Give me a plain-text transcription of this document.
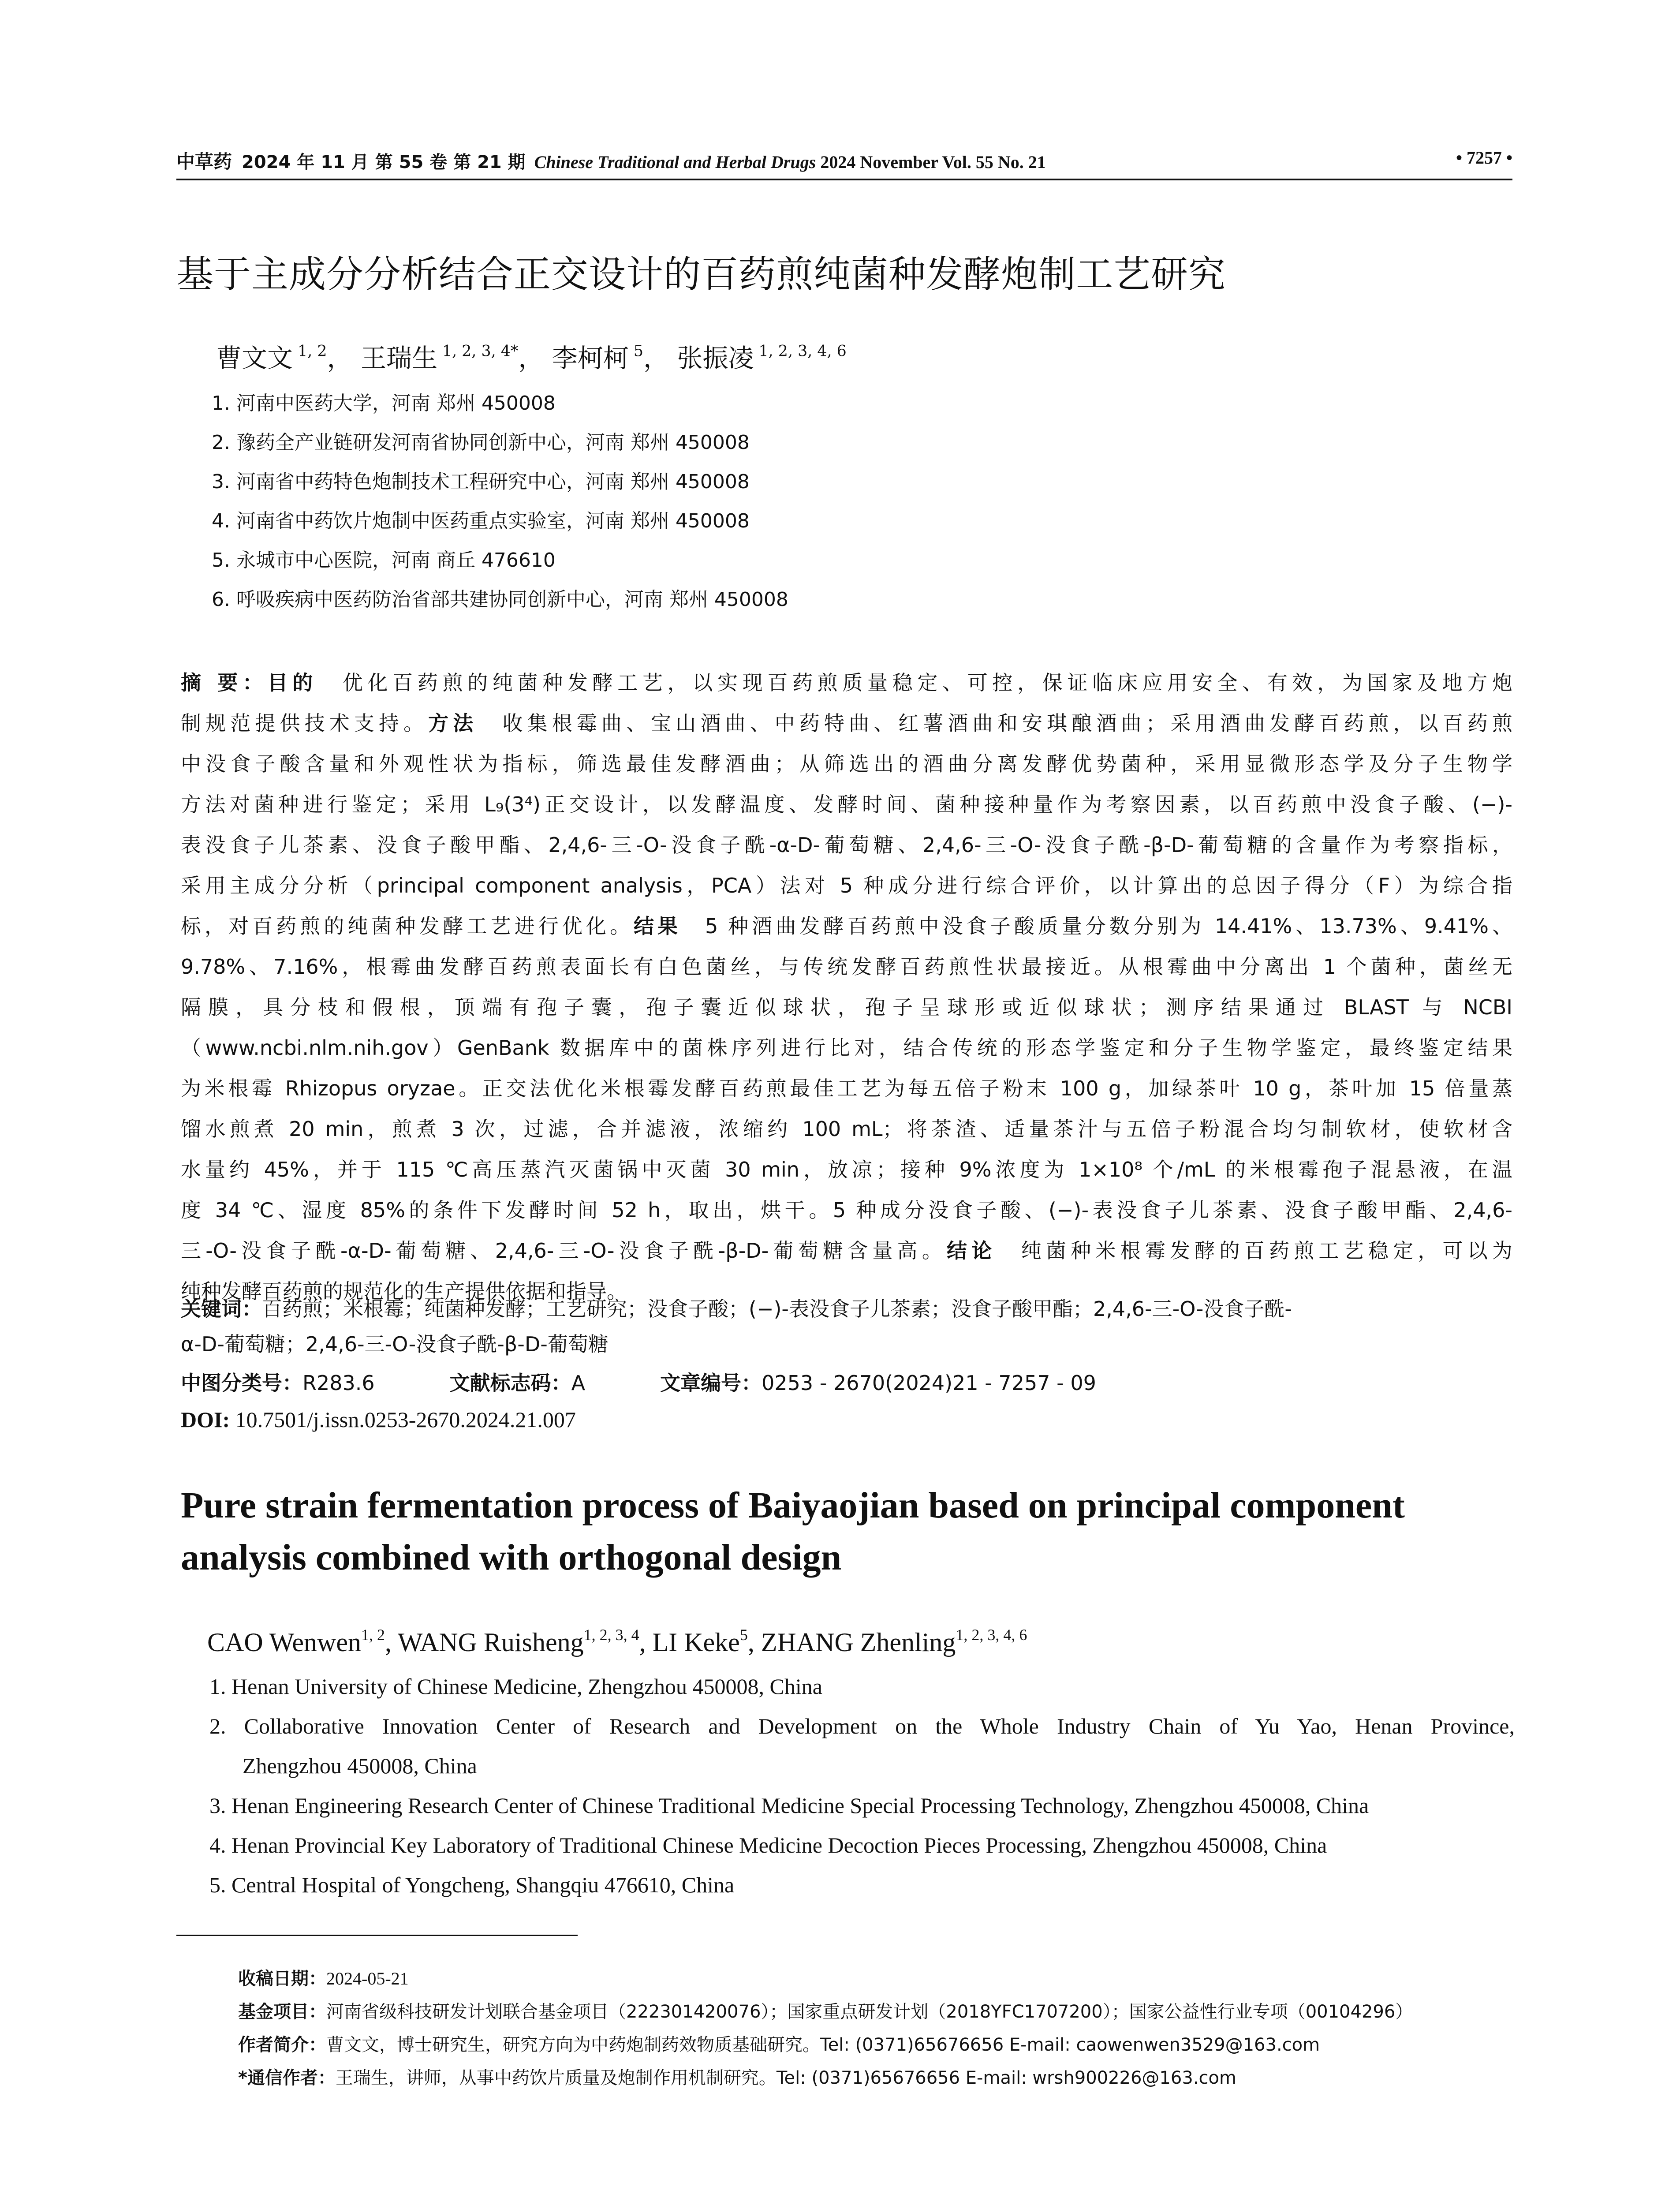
中草药 2024 年 11 月 第 55 卷 第 21 期 Chinese Traditional and Herbal Drugs 2024 November Vol. 55 No. 21	• 7257 •
基于主成分分析结合正交设计的百药煎纯菌种发酵炮制工艺研究
曹文文 $^{1, 2}$， 王瑞生 $^{1, 2, 3, 4*}$， 李柯柯 $^5$， 张振凌 $^{1, 2, 3, 4, 6}$
1. 河南中医药大学，河南 郑州 450008
2. 豫药全产业链研发河南省协同创新中心，河南 郑州 450008
3. 河南省中药特色炮制技术工程研究中心，河南 郑州 450008
4. 河南省中药饮片炮制中医药重点实验室，河南 郑州 450008
5. 永城市中心医院，河南 商丘 476610
6. 呼吸疾病中医药防治省部共建协同创新中心，河南 郑州 450008
摘 要：目的　优化百药煎的纯菌种发酵工艺，以实现百药煎质量稳定、可控，保证临床应用安全、有效，为国家及地方炮
制规范提供技术支持。方法　收集根霉曲、宝山酒曲、中药特曲、红薯酒曲和安琪酿酒曲；采用酒曲发酵百药煎，以百药煎
中没食子酸含量和外观性状为指标，筛选最佳发酵酒曲；从筛选出的酒曲分离发酵优势菌种，采用显微形态学及分子生物学
方法对菌种进行鉴定；采用 L₉(3⁴)正交设计，以发酵温度、发酵时间、菌种接种量作为考察因素，以百药煎中没食子酸、(−)-
表没食子儿茶素、没食子酸甲酯、2,4,6-三-O-没食子酰-α-D-葡萄糖、2,4,6-三-O-没食子酰-β-D-葡萄糖的含量作为考察指标，
采用主成分分析（principal component analysis，PCA）法对 5 种成分进行综合评价，以计算出的总因子得分（F）为综合指
标，对百药煎的纯菌种发酵工艺进行优化。结果　5 种酒曲发酵百药煎中没食子酸质量分数分别为 14.41%、13.73%、9.41%、
9.78%、7.16%，根霉曲发酵百药煎表面长有白色菌丝，与传统发酵百药煎性状最接近。从根霉曲中分离出 1 个菌种，菌丝无
隔膜，具分枝和假根，顶端有孢子囊，孢子囊近似球状，孢子呈球形或近似球状；测序结果通过 BLAST 与 NCBI
（www.ncbi.nlm.nih.gov）GenBank 数据库中的菌株序列进行比对，结合传统的形态学鉴定和分子生物学鉴定，最终鉴定结果
为米根霉 Rhizopus oryzae。正交法优化米根霉发酵百药煎最佳工艺为每五倍子粉末 100 g，加绿茶叶 10 g，茶叶加 15 倍量蒸
馏水煎煮 20 min，煎煮 3 次，过滤，合并滤液，浓缩约 100 mL；将茶渣、适量茶汁与五倍子粉混合均匀制软材，使软材含
水量约 45%，并于 115 ℃高压蒸汽灭菌锅中灭菌 30 min，放凉；接种 9%浓度为 1×10⁸ 个/mL 的米根霉孢子混悬液，在温
度 34 ℃、湿度 85%的条件下发酵时间 52 h，取出，烘干。5 种成分没食子酸、(−)-表没食子儿茶素、没食子酸甲酯、2,4,6-
三-O-没食子酰-α-D-葡萄糖、2,4,6-三-O-没食子酰-β-D-葡萄糖含量高。结论　纯菌种米根霉发酵的百药煎工艺稳定，可以为
纯种发酵百药煎的规范化的生产提供依据和指导。
关键词：百药煎；米根霉；纯菌种发酵；工艺研究；没食子酸；(−)-表没食子儿茶素；没食子酸甲酯；2,4,6-三-O-没食子酰-
α-D-葡萄糖；2,4,6-三-O-没食子酰-β-D-葡萄糖
中图分类号：R283.6	文献标志码：A	文章编号：0253 - 2670(2024)21 - 7257 - 09
DOI: 10.7501/j.issn.0253-2670.2024.21.007
Pure strain fermentation process of Baiyaojian based on principal component
analysis combined with orthogonal design
CAO Wenwen$^{1, 2}$, WANG Ruisheng$^{1, 2, 3, 4}$, LI Keke$^5$, ZHANG Zhenling$^{1, 2, 3, 4, 6}$
1. Henan University of Chinese Medicine, Zhengzhou 450008, China
2. Collaborative Innovation Center of Research and Development on the Whole Industry Chain of Yu Yao, Henan Province,
Zhengzhou 450008, China
3. Henan Engineering Research Center of Chinese Traditional Medicine Special Processing Technology, Zhengzhou 450008, China
4. Henan Provincial Key Laboratory of Traditional Chinese Medicine Decoction Pieces Processing, Zhengzhou 450008, China
5. Central Hospital of Yongcheng, Shangqiu 476610, China
收稿日期：2024-05-21
基金项目：河南省级科技研发计划联合基金项目（222301420076）；国家重点研发计划（2018YFC1707200）；国家公益性行业专项（00104296）
作者简介：曹文文，博士研究生，研究方向为中药炮制药效物质基础研究。Tel: (0371)65676656 E-mail: caowenwen3529@163.com
*通信作者：王瑞生，讲师，从事中药饮片质量及炮制作用机制研究。Tel: (0371)65676656 E-mail: wrsh900226@163.com
